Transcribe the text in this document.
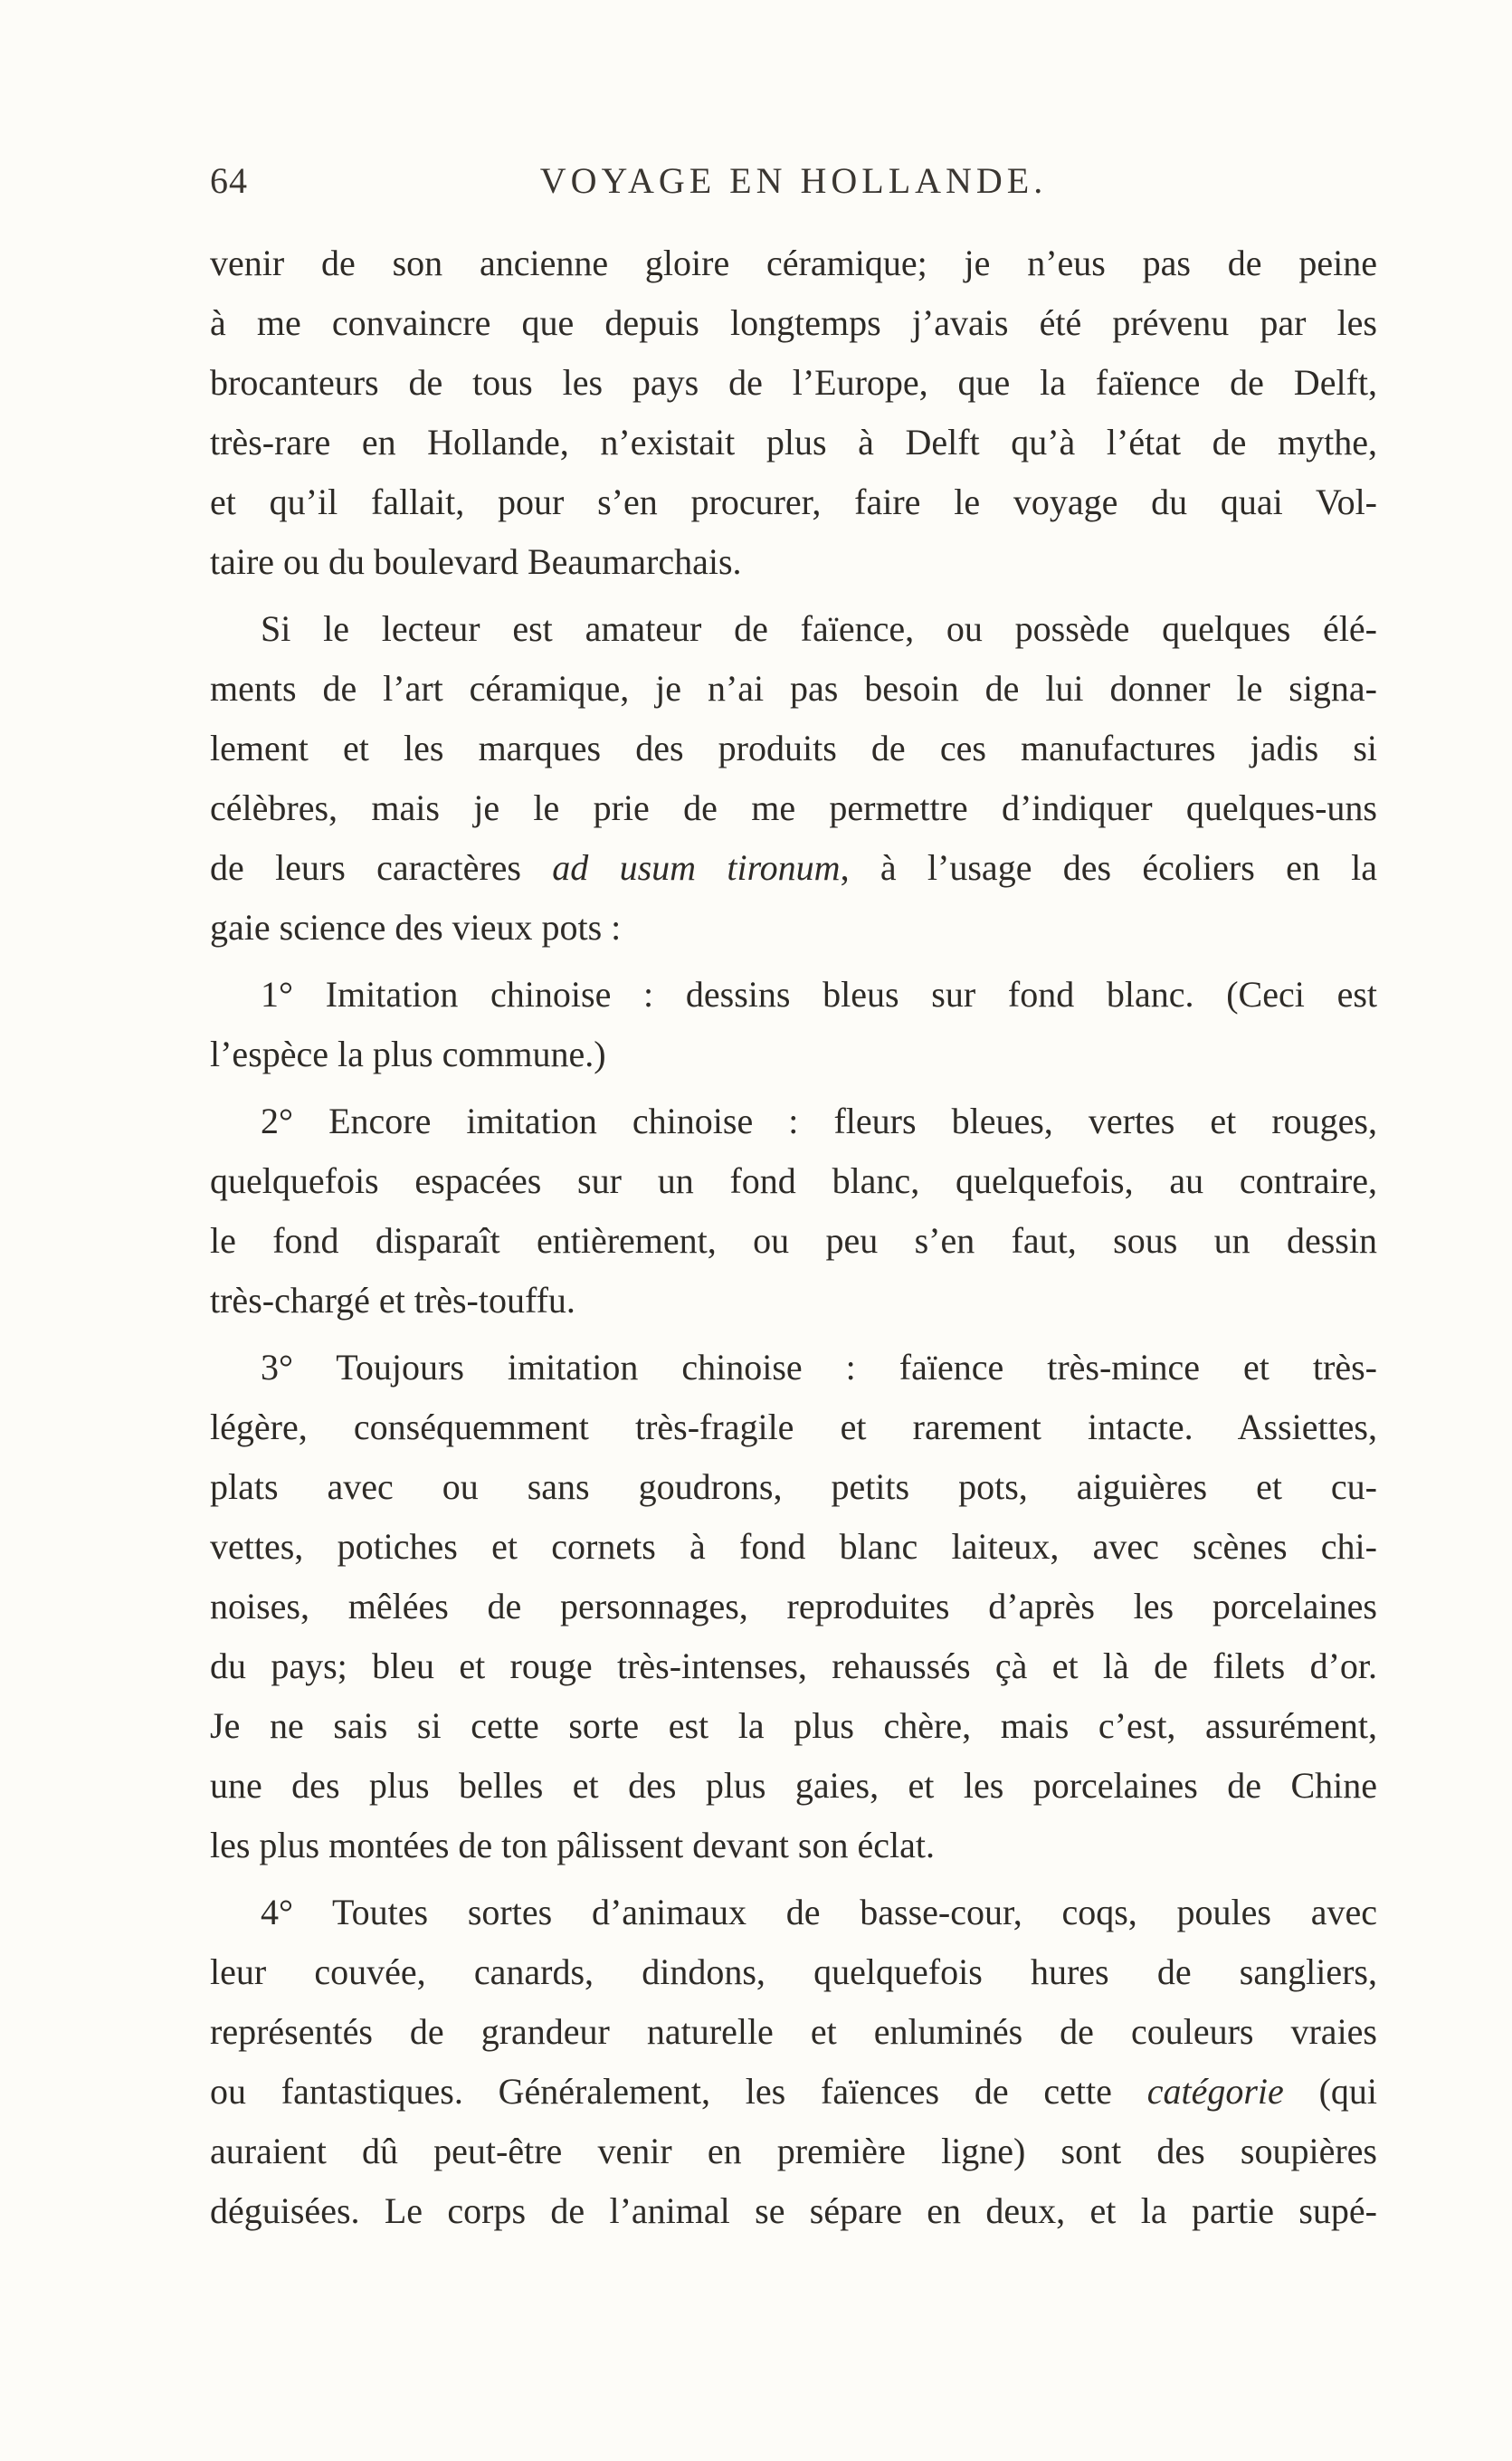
64	VOYAGE EN HOLLANDE.
venir de son ancienne gloire céramique; je n’eus pas de peine
à me convaincre que depuis longtemps j’avais été prévenu par les
brocanteurs de tous les pays de l’Europe, que la faïence de Delft,
très-rare en Hollande, n’existait plus à Delft qu’à l’état de mythe,
et qu’il fallait, pour s’en procurer, faire le voyage du quai Vol-
taire ou du boulevard Beaumarchais.
Si le lecteur est amateur de faïence, ou possède quelques élé-
ments de l’art céramique, je n’ai pas besoin de lui donner le signa-
lement et les marques des produits de ces manufactures jadis si
célèbres, mais je le prie de me permettre d’indiquer quelques-uns
de leurs caractères ad usum tironum, à l’usage des écoliers en la
gaie science des vieux pots :
1° Imitation chinoise : dessins bleus sur fond blanc. (Ceci est
l’espèce la plus commune.)
2° Encore imitation chinoise : fleurs bleues, vertes et rouges,
quelquefois espacées sur un fond blanc, quelquefois, au contraire,
le fond disparaît entièrement, ou peu s’en faut, sous un dessin
très-chargé et très-touffu.
3° Toujours imitation chinoise : faïence très-mince et très-
légère, conséquemment très-fragile et rarement intacte. Assiettes,
plats avec ou sans goudrons, petits pots, aiguières et cu-
vettes, potiches et cornets à fond blanc laiteux, avec scènes chi-
noises, mêlées de personnages, reproduites d’après les porcelaines
du pays; bleu et rouge très-intenses, rehaussés çà et là de filets d’or.
Je ne sais si cette sorte est la plus chère, mais c’est, assurément,
une des plus belles et des plus gaies, et les porcelaines de Chine
les plus montées de ton pâlissent devant son éclat.
4° Toutes sortes d’animaux de basse-cour, coqs, poules avec
leur couvée, canards, dindons, quelquefois hures de sangliers,
représentés de grandeur naturelle et enluminés de couleurs vraies
ou fantastiques. Généralement, les faïences de cette catégorie (qui
auraient dû peut-être venir en première ligne) sont des soupières
déguisées. Le corps de l’animal se sépare en deux, et la partie supé-
